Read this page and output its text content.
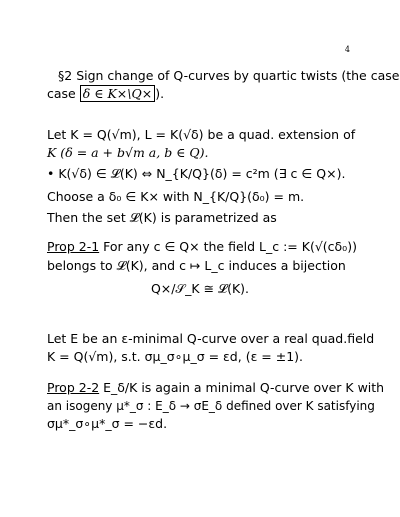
4
§2 Sign change of Q-curves by quartic twists (the case
case δ ∈ K×\Q× ).
Let K = Q(√m), L = K(√δ) be a quad. extension of
K (δ = a + b√m a, b ∈ Q).
• K(√δ) ∈ 𝓛(K) ⇔ N_{K/Q}(δ) = c²m (∃ c ∈ Q×).
Choose a δ₀ ∈ K× with N_{K/Q}(δ₀) = m.
Then the set 𝓛(K) is parametrized as
Prop 2-1 For any c ∈ Q× the field L_c := K(√(cδ₀))
belongs to 𝓛(K), and c ↦ L_c induces a bijection
Q×/𝒮_K ≅ 𝓛(K).
Let E be an ε-minimal Q-curve over a real quad.field
K = Q(√m), s.t. σμ_σ∘μ_σ = εd, (ε = ±1).
Prop 2-2 E_δ/K is again a minimal Q-curve over K with
an isogeny μ*_σ : E_δ → σE_δ defined over K satisfying
σμ*_σ∘μ*_σ = −εd.
